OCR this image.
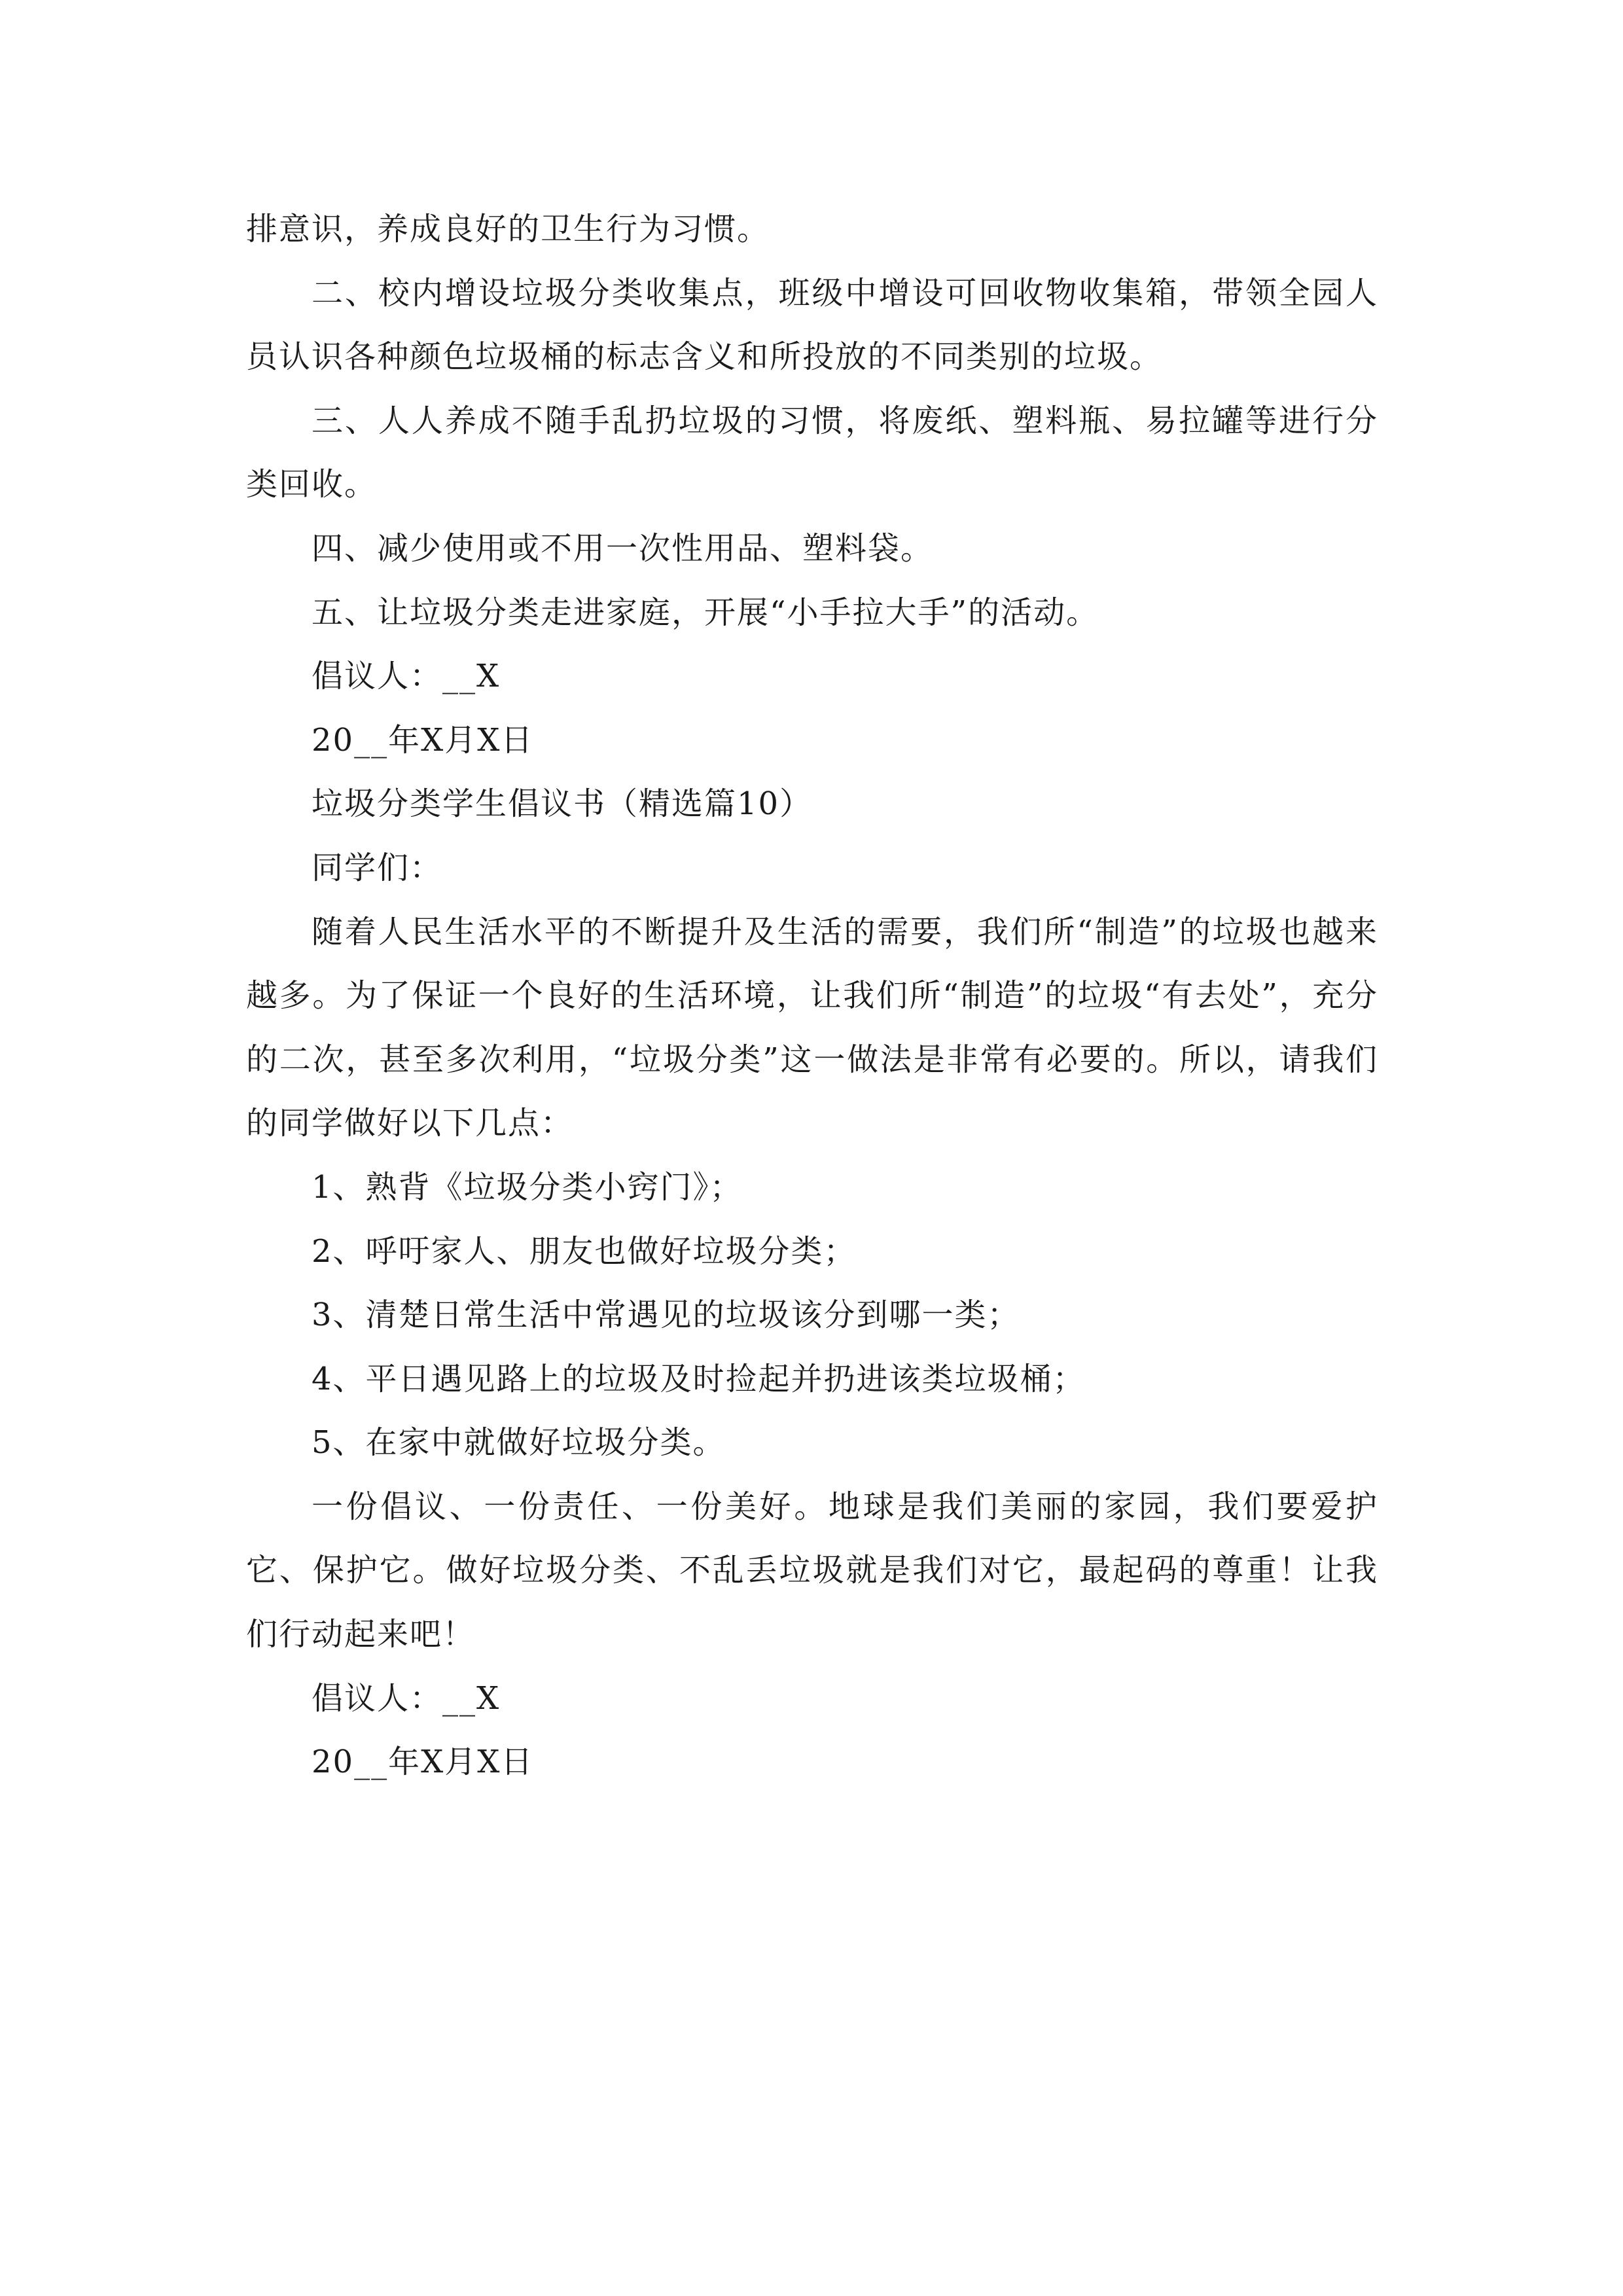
排意识，养成良好的卫生行为习惯。

二、校内增设垃圾分类收集点，班级中增设可回收物收集箱，带领全园人员认识各种颜色垃圾桶的标志含义和所投放的不同类别的垃圾。

三、人人养成不随手乱扔垃圾的习惯，将废纸、塑料瓶、易拉罐等进行分类回收。

四、减少使用或不用一次性用品、塑料袋。

五、让垃圾分类走进家庭，开展“小手拉大手”的活动。

倡议人：__X

20__年X月X日

垃圾分类学生倡议书（精选篇10）

同学们：

随着人民生活水平的不断提升及生活的需要，我们所“制造”的垃圾也越来越多。为了保证一个良好的生活环境，让我们所“制造”的垃圾“有去处”，充分的二次，甚至多次利用，“垃圾分类”这一做法是非常有必要的。所以，请我们的同学做好以下几点：

1、熟背《垃圾分类小窍门》；

2、呼吁家人、朋友也做好垃圾分类；

3、清楚日常生活中常遇见的垃圾该分到哪一类；

4、平日遇见路上的垃圾及时捡起并扔进该类垃圾桶；

5、在家中就做好垃圾分类。

一份倡议、一份责任、一份美好。地球是我们美丽的家园，我们要爱护它、保护它。做好垃圾分类、不乱丢垃圾就是我们对它，最起码的尊重！让我们行动起来吧！

倡议人：__X

20__年X月X日
